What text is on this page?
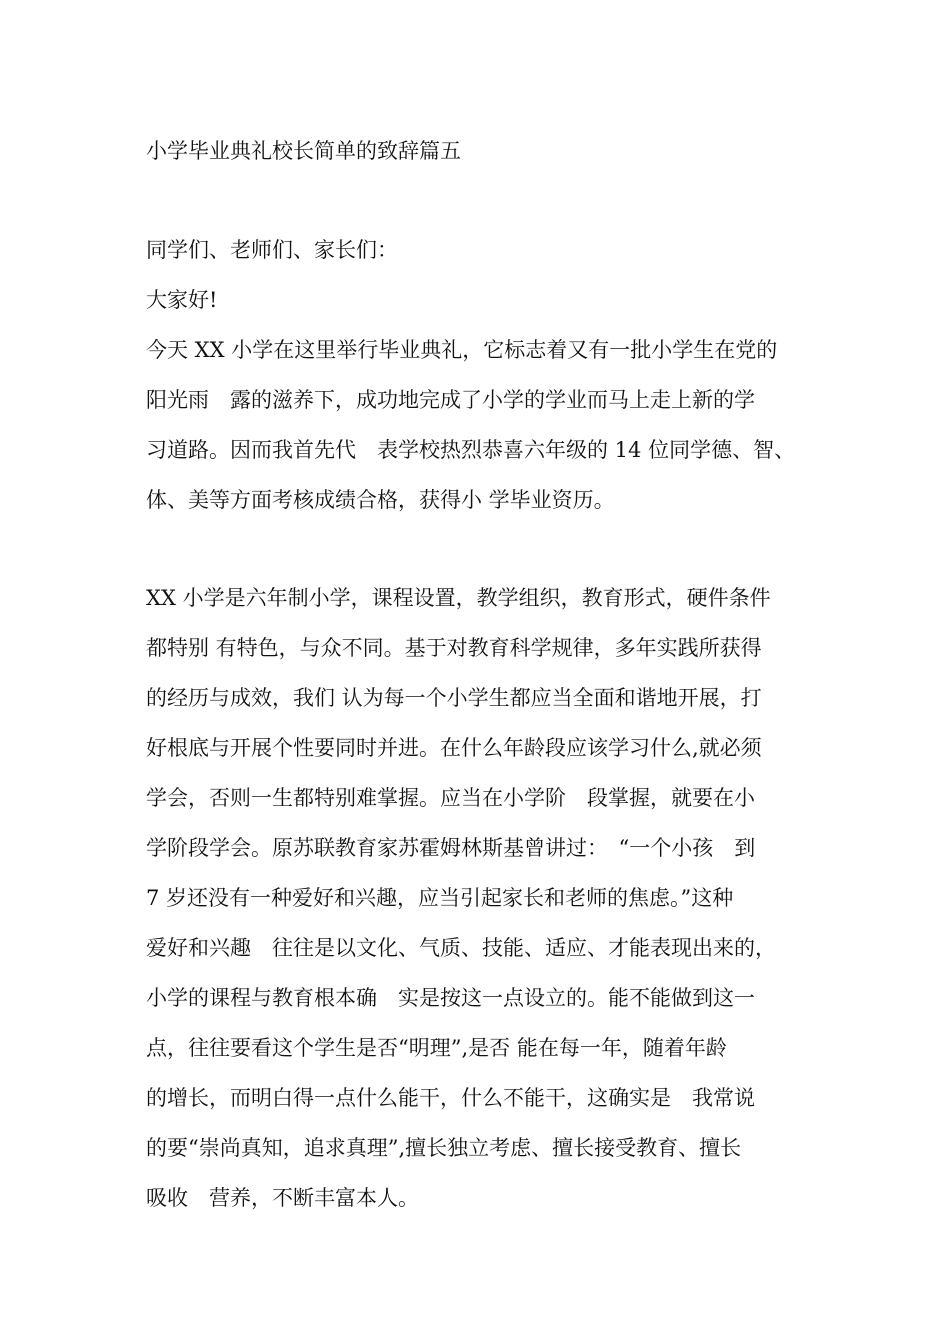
小学毕业典礼校长简单的致辞篇五
同学们、老师们、家长们：
大家好!
今天 XX 小学在这里举行毕业典礼，它标志着又有一批小学生在党的
阳光雨　露的滋养下，成功地完成了小学的学业而马上走上新的学
习道路。因而我首先代　表学校热烈恭喜六年级的 14 位同学德、智、
体、美等方面考核成绩合格，获得小 学毕业资历。
XX 小学是六年制小学，课程设置，教学组织，教育形式，硬件条件
都特别 有特色，与众不同。基于对教育科学规律，多年实践所获得
的经历与成效，我们 认为每一个小学生都应当全面和谐地开展，打
好根底与开展个性要同时并进。在什么年龄段应该学习什么,就必须
学会，否则一生都特别难掌握。应当在小学阶　段掌握，就要在小
学阶段学会。原苏联教育家苏霍姆林斯基曾讲过：　“一个小孩　到
7 岁还没有一种爱好和兴趣，应当引起家长和老师的焦虑。”这种
爱好和兴趣　往往是以文化、气质、技能、适应、才能表现出来的，
小学的课程与教育根本确　实是按这一点设立的。能不能做到这一
点，往往要看这个学生是否“明理”,是否 能在每一年，随着年龄
的增长，而明白得一点什么能干，什么不能干，这确实是　我常说
的要“崇尚真知，追求真理”,擅长独立考虑、擅长接受教育、擅长
吸收　营养，不断丰富本人。
